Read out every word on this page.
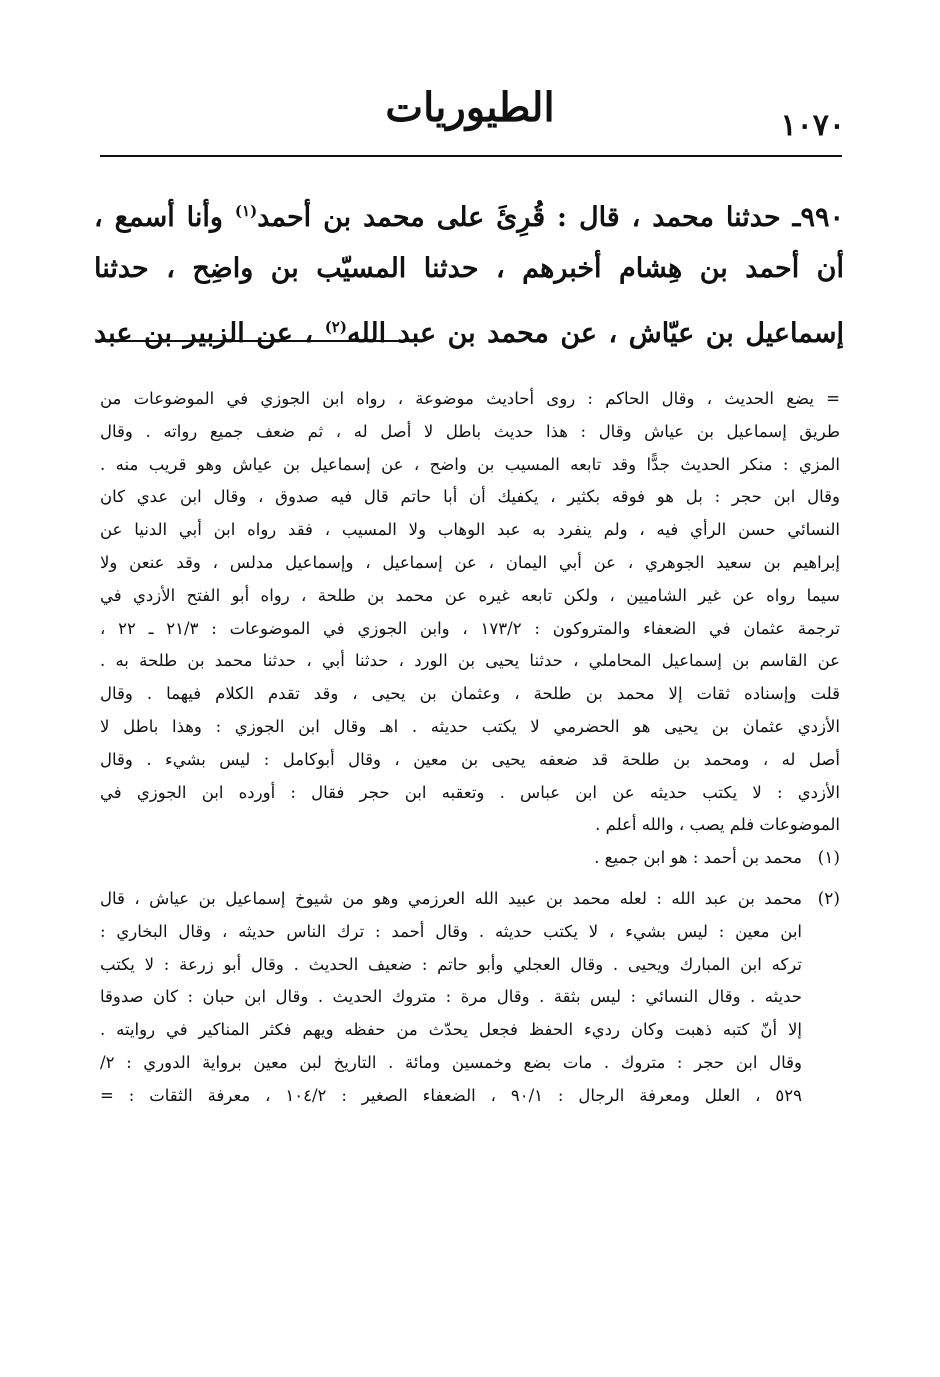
١٠٧٠
الطيوريات
٩٩٠ـ حدثنا محمد ، قال : قُرِئَ على محمد بن أحمد$^{(١)}$ وأنا أسمع ،
أن أحمد بن هِشام أخبرهم ، حدثنا المسيّب بن واضِح ، حدثنا
إسماعيل بن عيّاش ، عن محمد بن عبد الله$^{(٢)}$ ، عن الزبير بن عبد
= يضع الحديث ، وقال الحاكم : روى أحاديث موضوعة ، رواه ابن الجوزي في الموضوعات من
طريق إسماعيل بن عياش وقال : هذا حديث باطل لا أصل له ، ثم ضعف جميع رواته . وقال
المزي : منكر الحديث جدًّا وقد تابعه المسيب بن واضح ، عن إسماعيل بن عياش وهو قريب منه .
وقال ابن حجر : بل هو فوقه بكثير ، يكفيك أن أبا حاتم قال فيه صدوق ، وقال ابن عدي كان
النسائي حسن الرأي فيه ، ولم ينفرد به عبد الوهاب ولا المسيب ، فقد رواه ابن أبي الدنيا عن
إبراهيم بن سعيد الجوهري ، عن أبي اليمان ، عن إسماعيل ، وإسماعيل مدلس ، وقد عنعن ولا
سيما رواه عن غير الشاميين ، ولكن تابعه غيره عن محمد بن طلحة ، رواه أبو الفتح الأزدي في
ترجمة عثمان في الضعفاء والمتروكون : ١٧٣/٢ ، وابن الجوزي في الموضوعات : ٢١/٣ ـ ٢٢ ،
عن القاسم بن إسماعيل المحاملي ، حدثنا يحيى بن الورد ، حدثنا أبي ، حدثنا محمد بن طلحة به .
قلت وإسناده ثقات إلا محمد بن طلحة ، وعثمان بن يحيى ، وقد تقدم الكلام فيهما . وقال
الأزدي عثمان بن يحيى هو الحضرمي لا يكتب حديثه . اهـ وقال ابن الجوزي : وهذا باطل لا
أصل له ، ومحمد بن طلحة قد ضعفه يحيى بن معين ، وقال أبوكامل : ليس بشيء . وقال
الأزدي : لا يكتب حديثه عن ابن عباس . وتعقبه ابن حجر فقال : أورده ابن الجوزي في
الموضوعات فلم يصب ، والله أعلم .
(١)
محمد بن أحمد : هو ابن جميع .
(٢)
محمد بن عبد الله : لعله محمد بن عبيد الله العرزمي وهو من شيوخ إسماعيل بن عياش ، قال
ابن معين : ليس بشيء ، لا يكتب حديثه . وقال أحمد : ترك الناس حديثه ، وقال البخاري :
تركه ابن المبارك ويحيى . وقال العجلي وأبو حاتم : ضعيف الحديث . وقال أبو زرعة : لا يكتب
حديثه . وقال النسائي : ليس بثقة . وقال مرة : متروك الحديث . وقال ابن حبان : كان صدوقا
إلا أنّ كتبه ذهبت وكان رديء الحفظ فجعل يحدّث من حفظه ويهم فكثر المناكير في روايته .
وقال ابن حجر : متروك . مات بضع وخمسين ومائة . التاريخ لبن معين برواية الدوري : ٢/
٥٢٩ ، العلل ومعرفة الرجال : ٩٠/١ ، الضعفاء الصغير : ١٠٤/٢ ، معرفة الثقات : =
